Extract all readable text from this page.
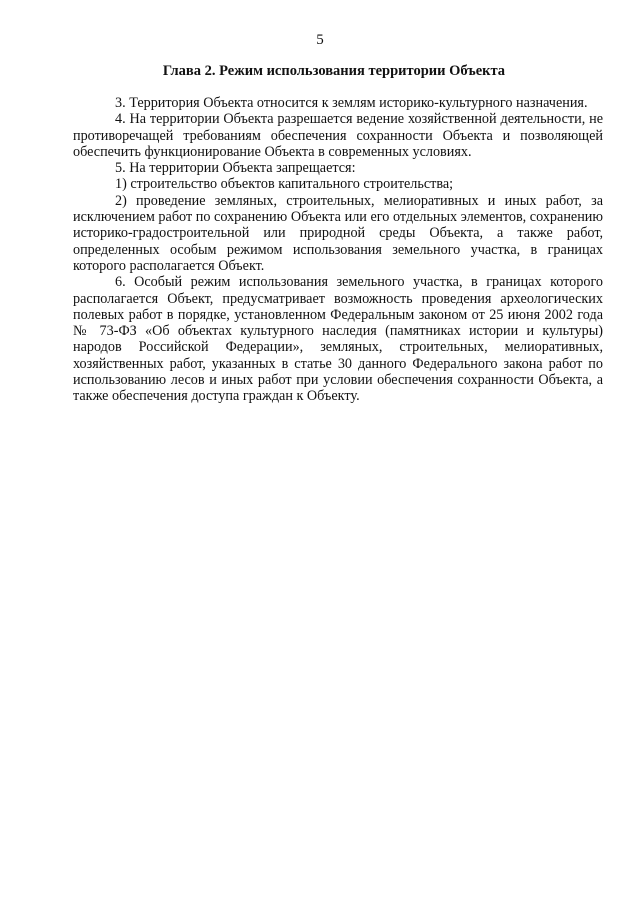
5
Глава 2. Режим использования территории Объекта

3. Территория Объекта относится к землям историко-культурного назначения.

4. На территории Объекта разрешается ведение хозяйственной деятельности, не противоречащей требованиям обеспечения сохранности Объекта и позволяющей обеспечить функционирование Объекта в современных условиях.

5. На территории Объекта запрещается:

1) строительство объектов капитального строительства;

2) проведение земляных, строительных, мелиоративных и иных работ, за исключением работ по сохранению Объекта или его отдельных элементов, сохранению историко-градостроительной или природной среды Объекта, а также работ, определенных особым режимом использования земельного участка, в границах которого располагается Объект.

6. Особый режим использования земельного участка, в границах которого располагается Объект, предусматривает возможность проведения археологических полевых работ в порядке, установленном Федеральным законом от 25 июня 2002 года № 73-ФЗ «Об объектах культурного наследия (памятниках истории и культуры) народов Российской Федерации», земляных, строительных, мелиоративных, хозяйственных работ, указанных в статье 30 данного Федерального закона работ по использованию лесов и иных работ при условии обеспечения сохранности Объекта, а также обеспечения доступа граждан к Объекту.
